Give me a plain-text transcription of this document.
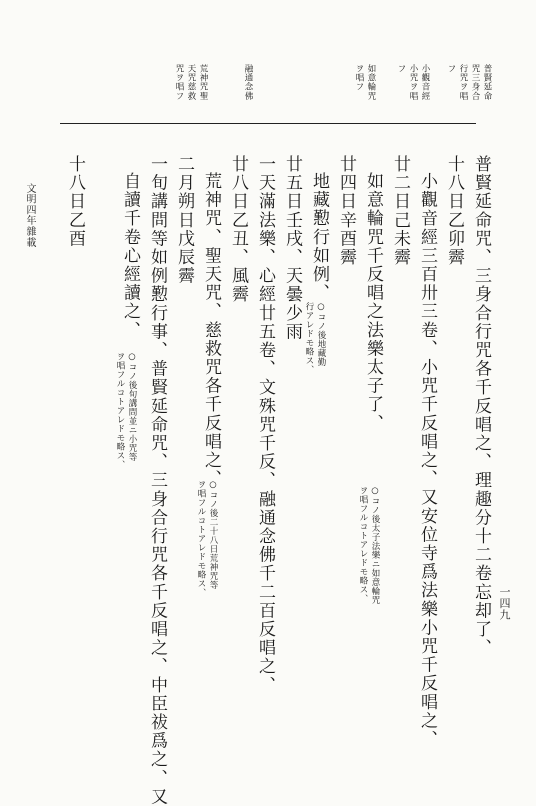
普賢延命
咒三身合
行咒ヲ唱
フ
小觀音經
小咒ヲ唱
フ
如意輪咒
ヲ唱フ
融通念佛
荒神咒聖
天咒慈救
咒ヲ唱フ
普賢延命咒、三身合行咒各千反唱之、理趣分十二卷忘却了、
十八日乙卯霽
小觀音經三百卅三卷、小咒千反唱之、又安位寺爲法樂小咒千反唱之、
廿二日己未霽
如意輪咒千反唱之法樂太子了、
○コノ後太子法樂ニ如意輪咒
ヲ唱フルコトアレドモ略ス、
廿四日辛酉霽
地藏懃行如例、
○コノ後地藏勤
行アレドモ略ス、
廿五日壬戌、天曇少雨
一天滿法樂、心經廿五卷、文殊咒千反、融通念佛千二百反唱之、
廿八日乙丑、風霽
荒神咒、聖天咒、慈救咒各千反唱之、
○コノ後二十八日荒神咒等
ヲ唱フルコトアレドモ略ス、
二月朔日戊辰霽
一旬講問等如例懃行事、普賢延命咒、三身合行咒各千反唱之、中臣祓爲之、又
自讀千卷心經讀之、
○コノ後旬講問並ニ小咒等
ヲ唱フルコトアレドモ略ス、
十八日乙酉
文明四年雜載
一四九
